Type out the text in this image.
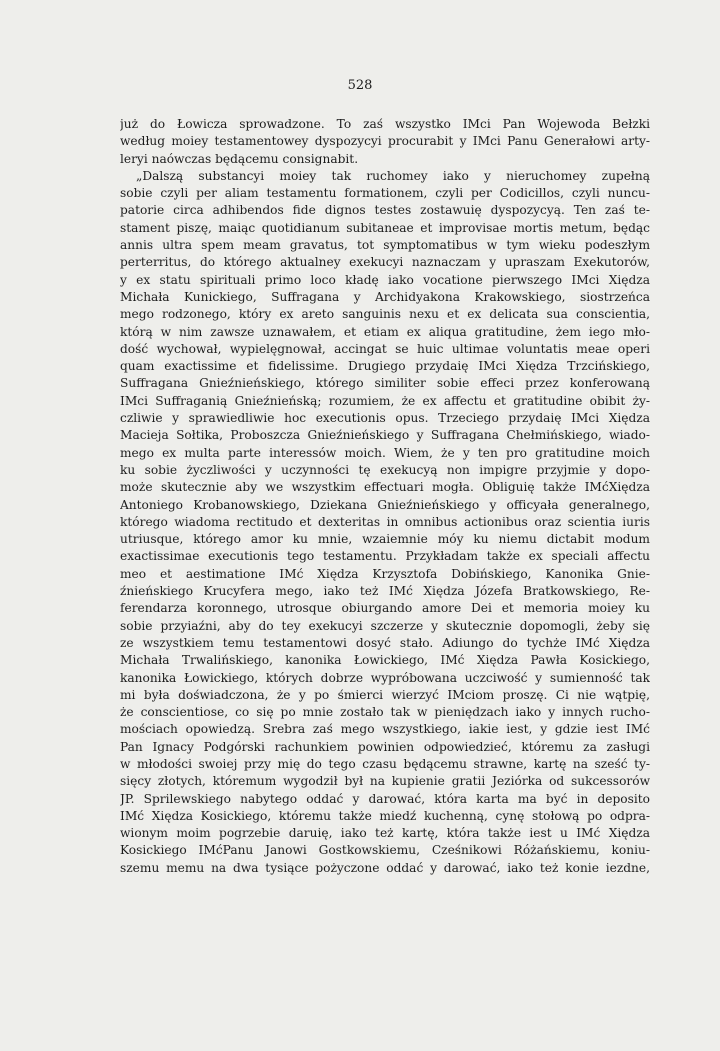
528
już do Łowicza sprowadzone. To zaś wszystko IMci Pan Wojewoda Bełzki
według moiey testamentowey dyspozycyi procurabit y IMci Panu Generałowi arty-
leryi naówczas będącemu consignabit.
„Dalszą substancyi moiey tak ruchomey iako y nieruchomey zupełną
sobie czyli per aliam testamentu formationem, czyli per Codicillos, czyli nuncu-
patorie circa adhibendos fide dignos testes zostawuię dyspozycyą. Ten zaś te-
stament piszę, maiąc quotidianum subitaneae et improvisae mortis metum, będąc
annis ultra spem meam gravatus, tot symptomatibus w tym wieku podeszłym
perterritus, do którego aktualney exekucyi naznaczam y upraszam Exekutorów,
y ex statu spirituali primo loco kładę iako vocatione pierwszego IMci Xiędza
Michała Kunickiego, Suffragana y Archidyakona Krakowskiego, siostrzeńca
mego rodzonego, który ex areto sanguinis nexu et ex delicata sua conscientia,
którą w nim zawsze uznawałem, et etiam ex aliqua gratitudine, żem iego mło-
dość wychował, wypielęgnował, accingat se huic ultimae voluntatis meae operi
quam exactissime et fidelissime. Drugiego przydaię IMci Xiędza Trzcińskiego,
Suffragana Gnieźnieńskiego, którego similiter sobie effeci przez konferowaną
IMci Suffraganią Gnieźnieńską; rozumiem, że ex affectu et gratitudine obibit ży-
czliwie y sprawiedliwie hoc executionis opus. Trzeciego przydaię IMci Xiędza
Macieja Sołtika, Proboszcza Gnieźnieńskiego y Suffragana Chełmińskiego, wiado-
mego ex multa parte interessów moich. Wiem, że y ten pro gratitudine moich
ku sobie życzliwości y uczynności tę exekucyą non impigre przyjmie y dopo-
może skutecznie aby we wszystkim effectuari mogła. Obliguię także IMćXiędza
Antoniego Krobanowskiego, Dziekana Gnieźnieńskiego y officyała generalnego,
którego wiadoma rectitudo et dexteritas in omnibus actionibus oraz scientia iuris
utriusque, którego amor ku mnie, wzaiemnie móy ku niemu dictabit modum
exactissimae executionis tego testamentu. Przykładam także ex speciali affectu
meo et aestimatione IMć Xiędza Krzysztofa Dobińskiego, Kanonika Gnie-
źnieńskiego Krucyfera mego, iako też IMć Xiędza Józefa Bratkowskiego, Re-
ferendarza koronnego, utrosque obiurgando amore Dei et memoria moiey ku
sobie przyiaźni, aby do tey exekucyi szczerze y skutecznie dopomogli, żeby się
ze wszystkiem temu testamentowi dosyć stało. Adiungo do tychże IMć Xiędza
Michała Trwalińskiego, kanonika Łowickiego, IMć Xiędza Pawła Kosickiego,
kanonika Łowickiego, których dobrze wypróbowana uczciwość y sumienność tak
mi była doświadczona, że y po śmierci wierzyć IMciom proszę. Ci nie wątpię,
że conscientiose, co się po mnie zostało tak w pieniędzach iako y innych rucho-
mościach opowiedzą. Srebra zaś mego wszystkiego, iakie iest, y gdzie iest IMć
Pan Ignacy Podgórski rachunkiem powinien odpowiedzieć, któremu za zasługi
w młodości swoiej przy mię do tego czasu będącemu strawne, kartę na sześć ty-
sięcy złotych, któremum wygodził był na kupienie gratii Jeziórka od sukcessorów
JP. Sprilewskiego nabytego oddać y darować, która karta ma być in deposito
IMć Xiędza Kosickiego, któremu także miedź kuchenną, cynę stołową po odpra-
wionym moim pogrzebie daruię, iako też kartę, która także iest u IMć Xiędza
Kosickiego IMćPanu Janowi Gostkowskiemu, Cześnikowi Różańskiemu, koniu-
szemu memu na dwa tysiące pożyczone oddać y darować, iako też konie iezdne,
